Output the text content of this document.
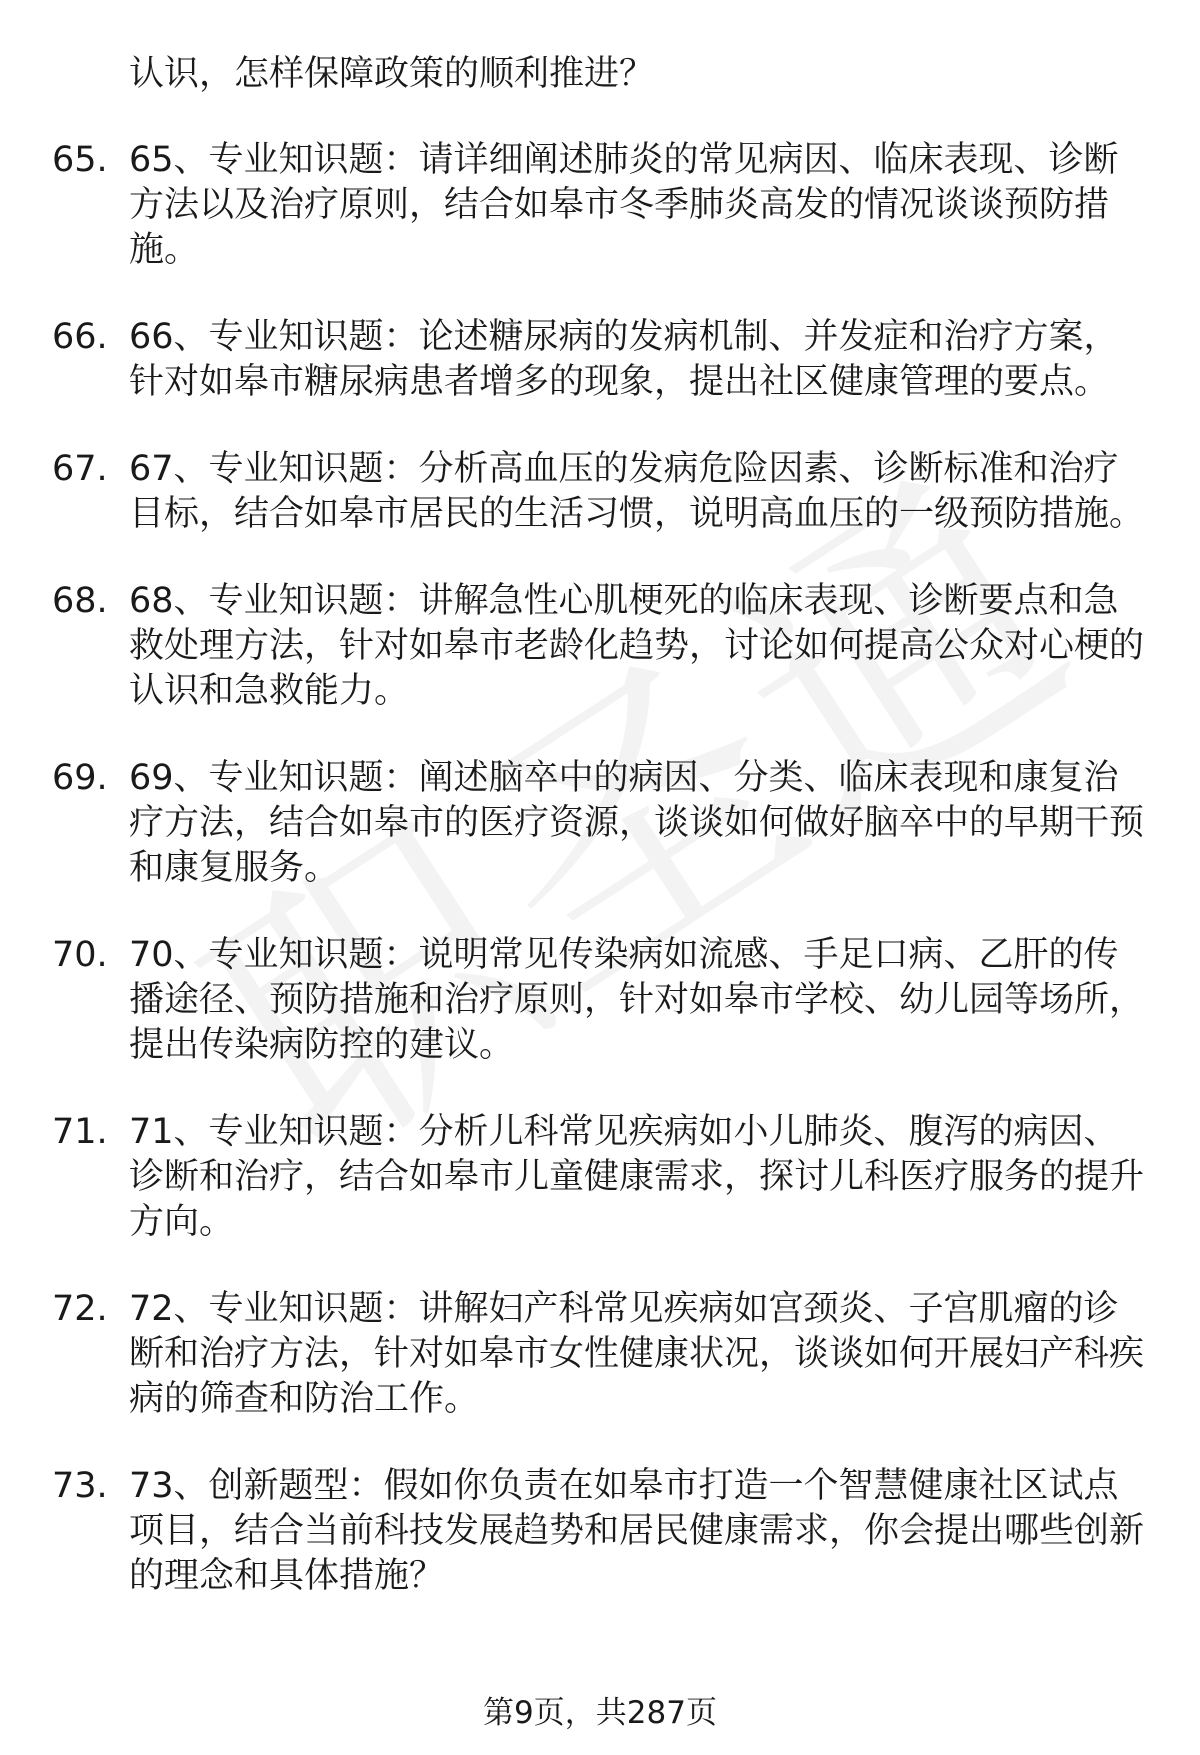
认识，怎样保障政策的顺利推进？

65. 65、专业知识题：请详细阐述肺炎的常见病因、临床表现、诊断方法以及治疗原则，结合如皋市冬季肺炎高发的情况谈谈预防措施。

66. 66、专业知识题：论述糖尿病的发病机制、并发症和治疗方案，针对如皋市糖尿病患者增多的现象，提出社区健康管理的要点。

67. 67、专业知识题：分析高血压的发病危险因素、诊断标准和治疗目标，结合如皋市居民的生活习惯，说明高血压的一级预防措施。

68. 68、专业知识题：讲解急性心肌梗死的临床表现、诊断要点和急救处理方法，针对如皋市老龄化趋势，讨论如何提高公众对心梗的认识和急救能力。

69. 69、专业知识题：阐述脑卒中的病因、分类、临床表现和康复治疗方法，结合如皋市的医疗资源，谈谈如何做好脑卒中的早期干预和康复服务。

70. 70、专业知识题：说明常见传染病如流感、手足口病、乙肝的传播途径、预防措施和治疗原则，针对如皋市学校、幼儿园等场所，提出传染病防控的建议。

71. 71、专业知识题：分析儿科常见疾病如小儿肺炎、腹泻的病因、诊断和治疗，结合如皋市儿童健康需求，探讨儿科医疗服务的提升方向。

72. 72、专业知识题：讲解妇产科常见疾病如宫颈炎、子宫肌瘤的诊断和治疗方法，针对如皋市女性健康状况，谈谈如何开展妇产科疾病的筛查和防治工作。

73. 73、创新题型：假如你负责在如皋市打造一个智慧健康社区试点项目，结合当前科技发展趋势和居民健康需求，你会提出哪些创新的理念和具体措施？

第9页，共287页
